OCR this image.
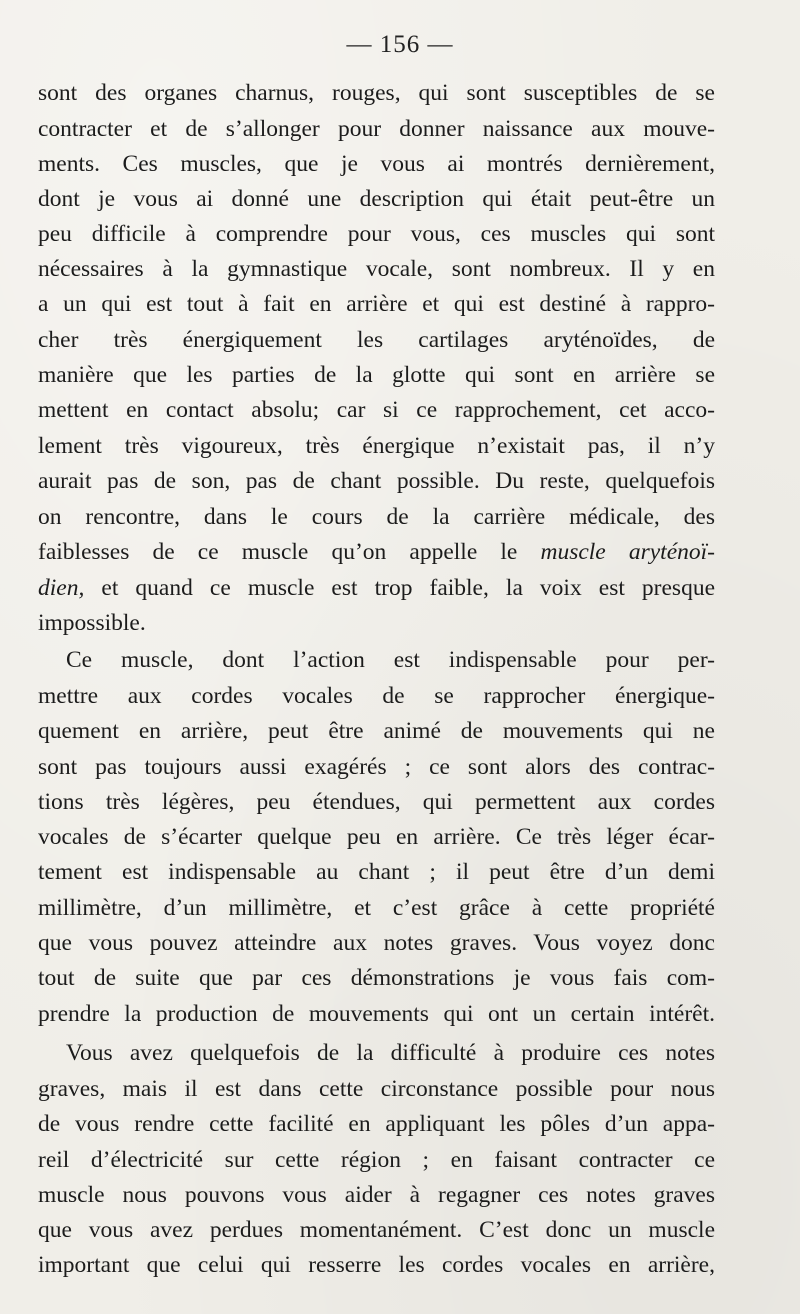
— 156 —
sont des organes charnus, rouges, qui sont susceptibles de se
contracter et de s’allonger pour donner naissance aux mouve-
ments. Ces muscles, que je vous ai montrés dernièrement,
dont je vous ai donné une description qui était peut-être un
peu difficile à comprendre pour vous, ces muscles qui sont
nécessaires à la gymnastique vocale, sont nombreux. Il y en
a un qui est tout à fait en arrière et qui est destiné à rappro-
cher très énergiquement les cartilages aryténoïdes, de
manière que les parties de la glotte qui sont en arrière se
mettent en contact absolu; car si ce rapprochement, cet acco-
lement très vigoureux, très énergique n’existait pas, il n’y
aurait pas de son, pas de chant possible. Du reste, quelquefois
on rencontre, dans le cours de la carrière médicale, des
faiblesses de ce muscle qu’on appelle le muscle aryténoï-
dien, et quand ce muscle est trop faible, la voix est presque
impossible.
Ce muscle, dont l’action est indispensable pour per-
mettre aux cordes vocales de se rapprocher énergique-
quement en arrière, peut être animé de mouvements qui ne
sont pas toujours aussi exagérés ; ce sont alors des contrac-
tions très légères, peu étendues, qui permettent aux cordes
vocales de s’écarter quelque peu en arrière. Ce très léger écar-
tement est indispensable au chant ; il peut être d’un demi
millimètre, d’un millimètre, et c’est grâce à cette propriété
que vous pouvez atteindre aux notes graves. Vous voyez donc
tout de suite que par ces démonstrations je vous fais com-
prendre la production de mouvements qui ont un certain intérêt.
Vous avez quelquefois de la difficulté à produire ces notes
graves, mais il est dans cette circonstance possible pour nous
de vous rendre cette facilité en appliquant les pôles d’un appa-
reil d’électricité sur cette région ; en faisant contracter ce
muscle nous pouvons vous aider à regagner ces notes graves
que vous avez perdues momentanément. C’est donc un muscle
important que celui qui resserre les cordes vocales en arrière,
